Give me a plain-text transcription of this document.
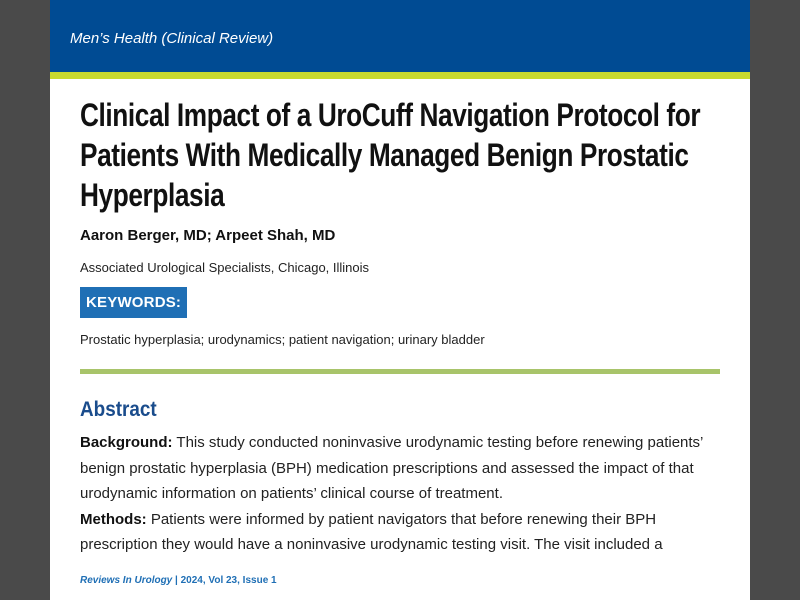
Men’s Health (Clinical Review)
Clinical Impact of a UroCuff Navigation Protocol for Patients With Medically Managed Benign Prostatic Hyperplasia
Aaron Berger, MD; Arpeet Shah, MD
Associated Urological Specialists, Chicago, Illinois
KEYWORDS:
Prostatic hyperplasia; urodynamics; patient navigation; urinary bladder
Abstract

Background: This study conducted noninvasive urodynamic testing before renewing patients’ benign prostatic hyperplasia (BPH) medication prescriptions and assessed the impact of that urodynamic information on patients’ clinical course of treatment.

Methods: Patients were informed by patient navigators that before renewing their BPH prescription they would have a noninvasive urodynamic testing visit. The visit included a

Reviews In Urology | 2024, Vol 23, Issue 1
